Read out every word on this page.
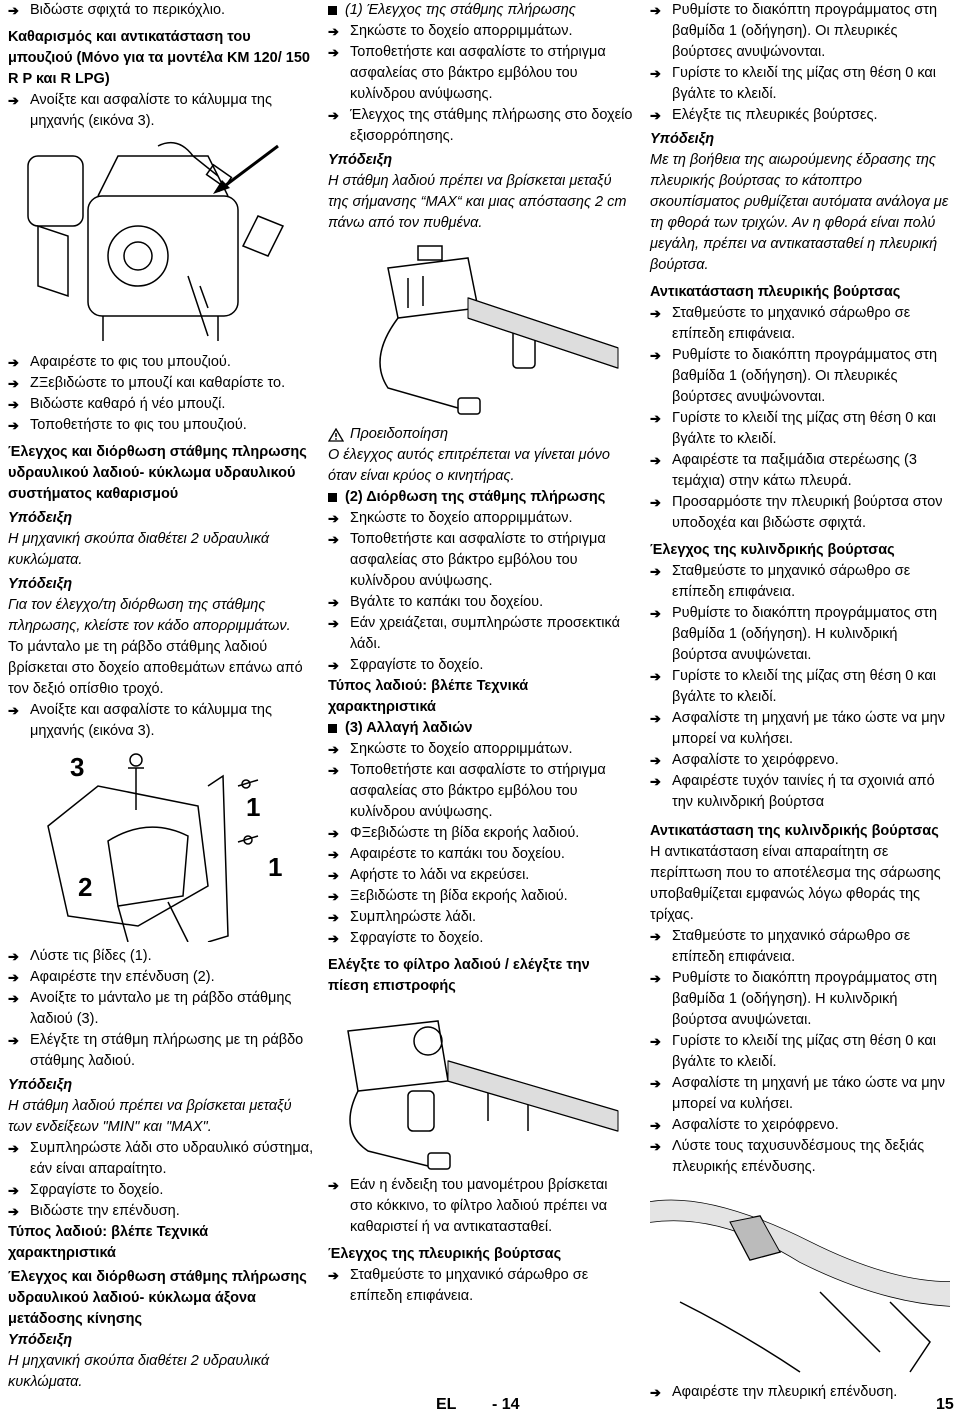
➔ Βιδώστε σφιχτά το περικόχλιο.

Καθαρισμός και αντικατάσταση του μπουζιού (Μόνο για τα μοντέλα KM 120/ 150 R P και R LPG)

➔ Ανοίξτε και ασφαλίστε το κάλυμμα της μηχανής (εικόνα 3).
➔ Αφαιρέστε το φις του μπουζιού.
➔ ΖΞεβιδώστε το μπουζί και καθαρίστε το.
➔ Βιδώστε καθαρό ή νέο μπουζί.
➔ Τοποθετήστε το φις του μπουζιού.

Έλεγχος και διόρθωση στάθμης πληρωσης υδραυλικού λαδιού- κύκλωμα υδραυλικού συστήματος καθαρισμού

Υπόδειξη

Η μηχανική σκούπα διαθέτει 2 υδραυλικά κυκλώματα.

Υπόδειξη

Για τον έλεγχο/τη διόρθωση της στάθμης πληρωσης, κλείστε τον κάδο απορριμμάτων.

Το μάνταλο με τη ράβδο στάθμης λαδιού βρίσκεται στο δοχείο αποθεμάτων επάνω από τον δεξιό οπίσθιο τροχό.

➔ Ανοίξτε και ασφαλίστε το κάλυμμα της μηχανής (εικόνα 3).
3
1
1
2
➔ Λύστε τις βίδες (1).
➔ Αφαιρέστε την επένδυση (2).
➔ Ανοίξτε το μάνταλο με τη ράβδο στάθμης λαδιού (3).
➔ Ελέγξτε τη στάθμη πλήρωσης με τη ράβδο στάθμης λαδιού.

Υπόδειξη

Η στάθμη λαδιού πρέπει να βρίσκεται μεταξύ των ενδείξεων "MIN" και "MAX".

➔ Συμπληρώστε λάδι στο υδραυλικό σύστημα, εάν είναι απαραίτητο.
➔ Σφραγίστε το δοχείο.
➔ Βιδώστε την επένδυση.

Τύπος λαδιού: βλέπε Τεχνικά χαρακτηριστικά

Έλεγχος και διόρθωση στάθμης πλήρωσης υδραυλικού λαδιού- κύκλωμα άξονα μετάδοσης κίνησης

Υπόδειξη

Η μηχανική σκούπα διαθέτει 2 υδραυλικά κυκλώματα.

(1) Έλεγχος της στάθμης πλήρωσης
➔ Σηκώστε το δοχείο απορριμμάτων.
➔ Τοποθετήστε και ασφαλίστε το στήριγμα ασφαλείας στο βάκτρο εμβόλου του κυλίνδρου ανύψωσης.
➔ Έλεγχος της στάθμης πλήρωσης στο δοχείο εξισορρόπησης.

Υπόδειξη

Η στάθμη λαδιού πρέπει να βρίσκεται μεταξύ της σήμανσης “MAX“ και μιας απόστασης 2 cm πάνω από τον πυθμένα.

Προειδοποίηση

Ο έλεγχος αυτός επιτρέπεται να γίνεται μόνο όταν είναι κρύος ο κινητήρας.

(2) Διόρθωση της στάθμης πλήρωσης
➔ Σηκώστε το δοχείο απορριμμάτων.
➔ Τοποθετήστε και ασφαλίστε το στήριγμα ασφαλείας στο βάκτρο εμβόλου του κυλίνδρου ανύψωσης.
➔ Βγάλτε το καπάκι του δοχείου.
➔ Εάν χρειάζεται, συμπληρώστε προσεκτικά λάδι.
➔ Σφραγίστε το δοχείο.

Τύπος λαδιού: βλέπε Τεχνικά χαρακτηριστικά

(3) Αλλαγή λαδιών
➔ Σηκώστε το δοχείο απορριμμάτων.
➔ Τοποθετήστε και ασφαλίστε το στήριγμα ασφαλείας στο βάκτρο εμβόλου του κυλίνδρου ανύψωσης.
➔ ΦΞεβιδώστε τη βίδα εκροής λαδιού.
➔ Αφαιρέστε το καπάκι του δοχείου.
➔ Αφήστε το λάδι να εκρεύσει.
➔ Ξεβιδώστε τη βίδα εκροής λαδιού.
➔ Συμπληρώστε λάδι.
➔ Σφραγίστε το δοχείο.

Ελέγξτε το φίλτρο λαδιού / ελέγξτε την πίεση επιστροφής

➔ Εάν η ένδειξη του μανομέτρου βρίσκεται στο κόκκινο, το φίλτρο λαδιού πρέπει να καθαριστεί ή να αντικατασταθεί.

Έλεγχος της πλευρικής βούρτσας

➔ Σταθμεύστε το μηχανικό σάρωθρο σε επίπεδη επιφάνεια.
➔ Ρυθμίστε το διακόπτη προγράμματος στη βαθμίδα 1 (οδήγηση). Οι πλευρικές βούρτσες ανυψώνονται.
➔ Γυρίστε το κλειδί της μίζας στη θέση 0 και βγάλτε το κλειδί.
➔ Ελέγξτε τις πλευρικές βούρτσες.

Υπόδειξη

Με τη βοήθεια της αιωρούμενης έδρασης της πλευρικής βούρτσας το κάτοπτρο σκουπίσματος ρυθμίζεται αυτόματα ανάλογα με τη φθορά των τριχών. Αν η φθορά είναι πολύ μεγάλη, πρέπει να αντικατασταθεί η πλευρική βούρτσα.

Αντικατάσταση πλευρικής βούρτσας

➔ Σταθμεύστε το μηχανικό σάρωθρο σε επίπεδη επιφάνεια.
➔ Ρυθμίστε το διακόπτη προγράμματος στη βαθμίδα 1 (οδήγηση). Οι πλευρικές βούρτσες ανυψώνονται.
➔ Γυρίστε το κλειδί της μίζας στη θέση 0 και βγάλτε το κλειδί.
➔ Αφαιρέστε τα παξιμάδια στερέωσης (3 τεμάχια) στην κάτω πλευρά.
➔ Προσαρμόστε την πλευρική βούρτσα στον υποδοχέα και βιδώστε σφιχτά.

Έλεγχος της κυλινδρικής βούρτσας

➔ Σταθμεύστε το μηχανικό σάρωθρο σε επίπεδη επιφάνεια.
➔ Ρυθμίστε το διακόπτη προγράμματος στη βαθμίδα 1 (οδήγηση). Η κυλινδρική βούρτσα ανυψώνεται.
➔ Γυρίστε το κλειδί της μίζας στη θέση 0 και βγάλτε το κλειδί.
➔ Ασφαλίστε τη μηχανή με τάκο ώστε να μην μπορεί να κυλήσει.
➔ Ασφαλίστε το χειρόφρενο.
➔ Αφαιρέστε τυχόν ταινίες ή τα σχοινιά από την κυλινδρική βούρτσα

Αντικατάσταση της κυλινδρικής βούρτσας

Η αντικατάσταση είναι απαραίτητη σε περίπτωση που το αποτέλεσμα της σάρωσης υποβαθμίζεται εμφανώς λόγω φθοράς της τρίχας.

➔ Σταθμεύστε το μηχανικό σάρωθρο σε επίπεδη επιφάνεια.
➔ Ρυθμίστε το διακόπτη προγράμματος στη βαθμίδα 1 (οδήγηση). Η κυλινδρική βούρτσα ανυψώνεται.
➔ Γυρίστε το κλειδί της μίζας στη θέση 0 και βγάλτε το κλειδί.
➔ Ασφαλίστε τη μηχανή με τάκο ώστε να μην μπορεί να κυλήσει.
➔ Ασφαλίστε το χειρόφρενο.
➔ Λύστε τους ταχυσυνδέσμους της δεξιάς πλευρικής επένδυσης.
➔ Αφαιρέστε την πλευρική επένδυση.
EL - 14	15
